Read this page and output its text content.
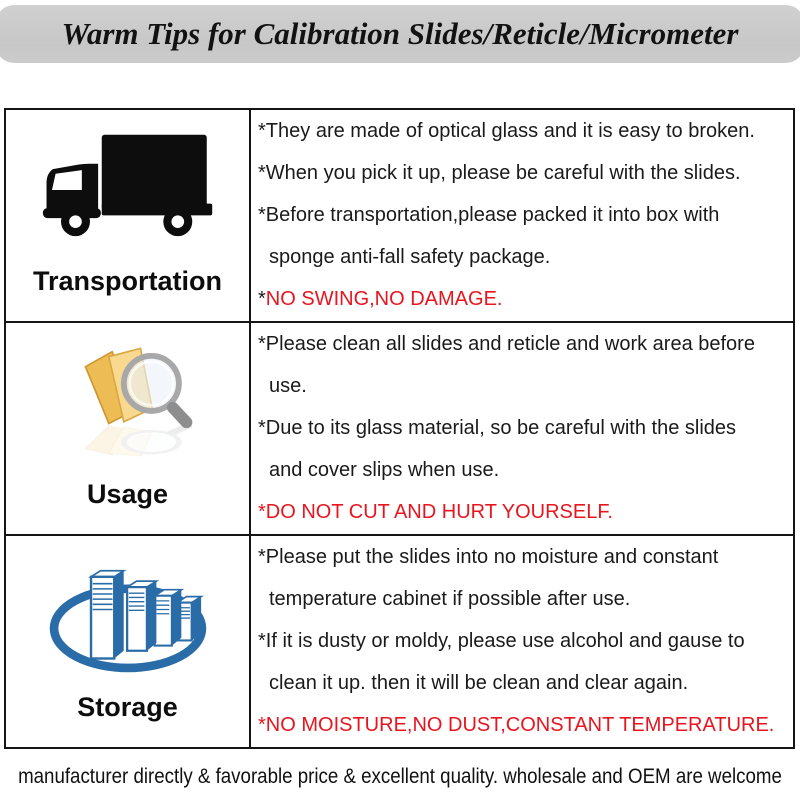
Warm Tips for Calibration Slides/Reticle/Micrometer
Transportation
* They are made of optical glass and it is easy to broken.
* When you pick it up, please be careful with the slides.
* Before transportation,please packed it into box with
sponge anti-fall safety package.
* NO SWING,NO DAMAGE.
Usage
* Please clean all slides and reticle and work area before
use.
* Due to its glass material, so be careful with the slides
and cover slips when use.
* DO NOT CUT AND HURT YOURSELF.
Storage
* Please put the slides into no moisture and constant
temperature cabinet if possible after use.
* If it is dusty or moldy, please use alcohol and gause to
clean it up. then it will be clean and clear again.
* NO MOISTURE,NO DUST,CONSTANT TEMPERATURE.
manufacturer directly & favorable price & excellent quality. wholesale and OEM are welcome
